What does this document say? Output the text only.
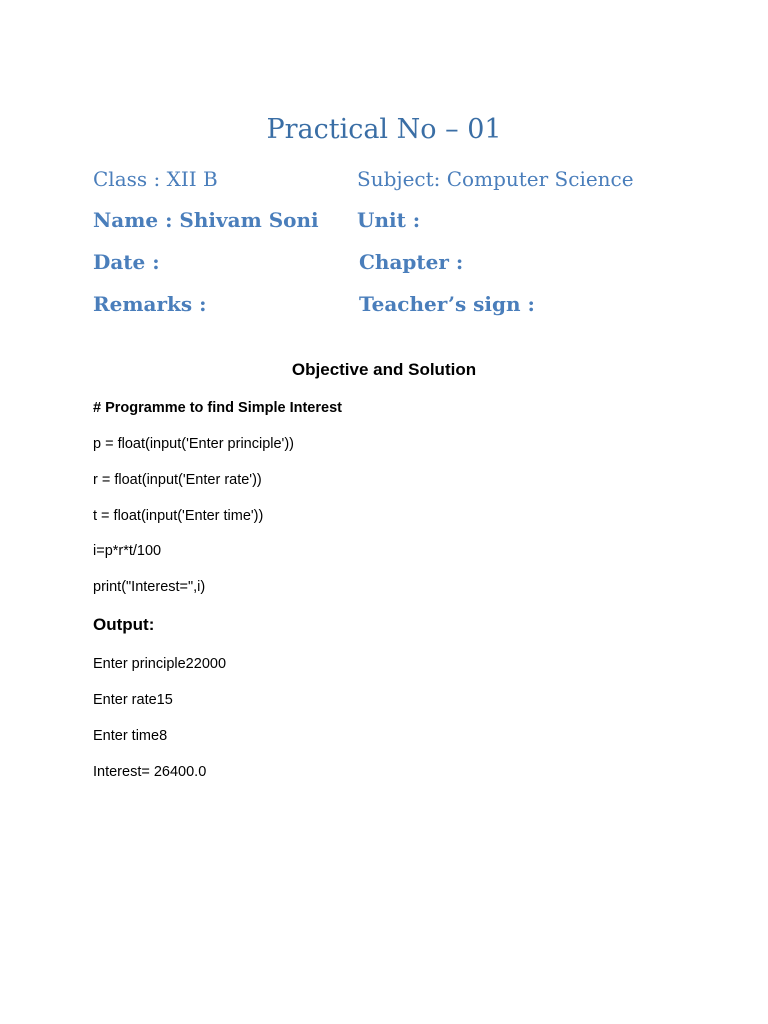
Practical No – 01
Class : XII B	Subject: Computer Science
Name : Shivam Soni Unit :
Date :	Chapter :
Remarks :	Teacher’s sign :
Objective and Solution
# Programme to find Simple Interest
p = float(input('Enter principle'))
r = float(input('Enter rate'))
t = float(input('Enter time'))
i=p*r*t/100
print("Interest=",i)
Output:
Enter principle22000
Enter rate15
Enter time8
Interest= 26400.0
